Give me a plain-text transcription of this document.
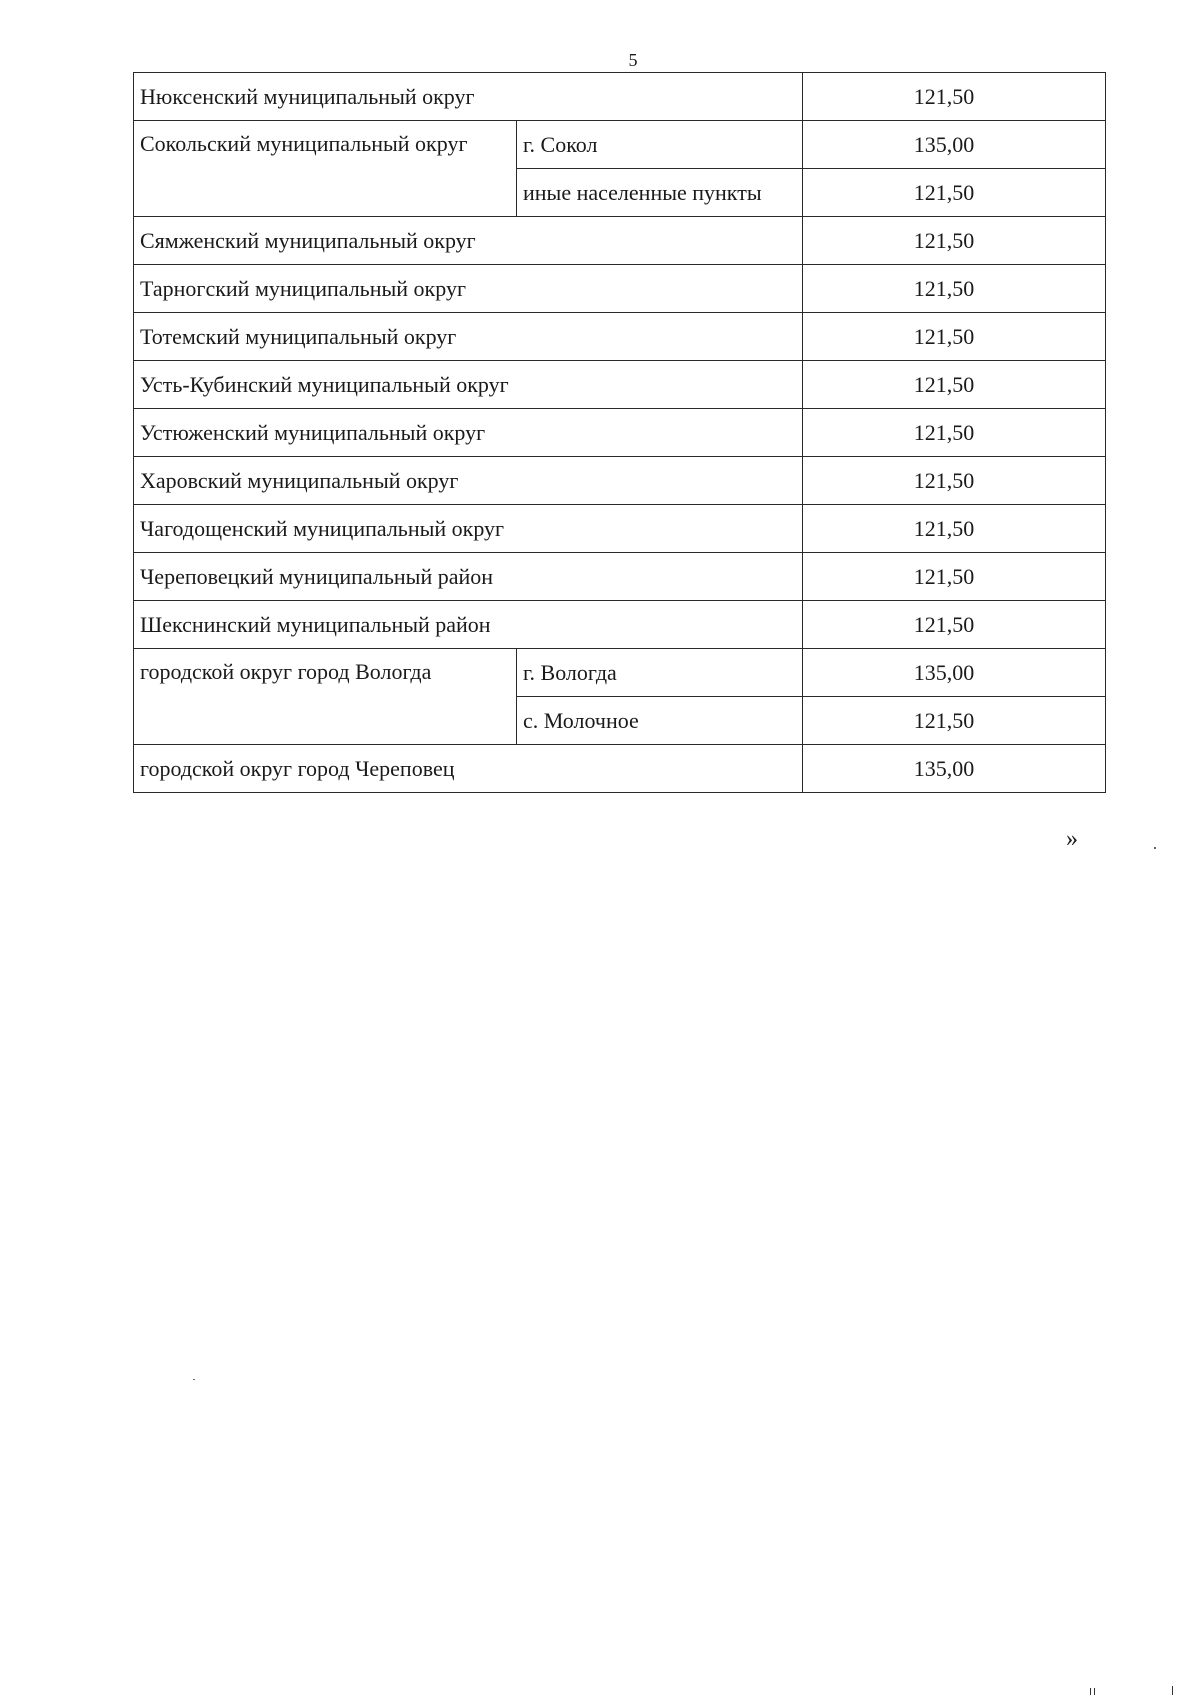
5
Нюксенский муниципальный округ		121,50
Сокольский муниципальный округ	г. Сокол	135,00
	иные населенные пункты	121,50
Сямженский муниципальный округ		121,50
Тарногский муниципальный округ		121,50
Тотемский муниципальный округ		121,50
Усть-Кубинский муниципальный округ		121,50
Устюженский муниципальный округ		121,50
Харовский муниципальный округ		121,50
Чагодощенский муниципальный округ		121,50
Череповецкий муниципальный район		121,50
Шекснинский муниципальный район		121,50
городской округ город Вологда	г. Вологда	135,00
	с. Молочное	121,50
городской округ город Череповец		135,00
»
